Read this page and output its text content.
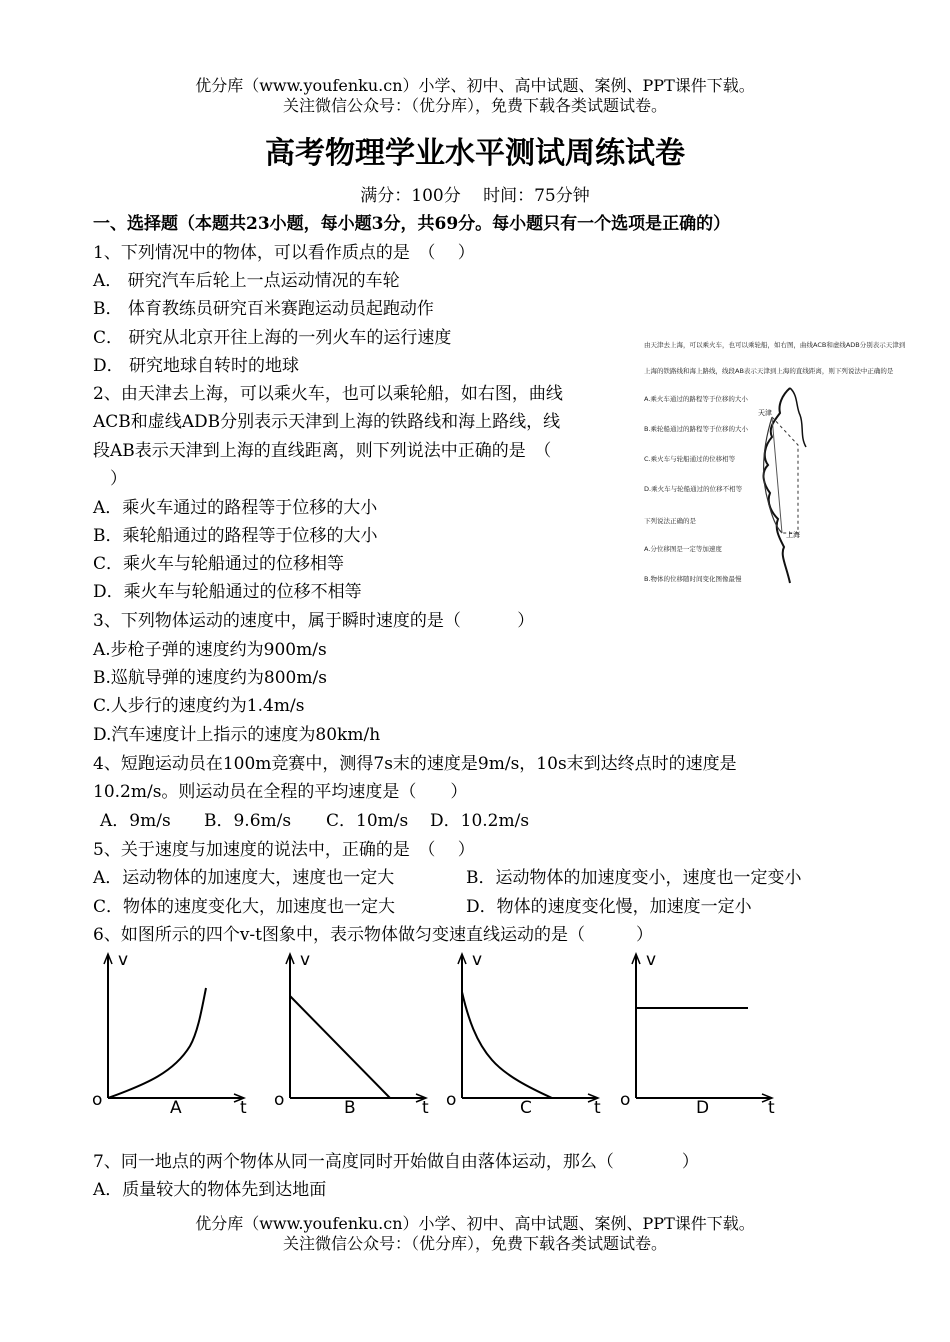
优分库（www.youfenku.cn）小学、初中、高中试题、案例、PPT课件下载。
关注微信公众号：（优分库），免费下载各类试题试卷。
高考物理学业水平测试周练试卷
满分：100分　 时间：75分钟
一、选择题（本题共23小题，每小题3分，共69分。每小题只有一个选项是正确的）
1、下列情况中的物体，可以看作质点的是　（　 ）
A． 研究汽车后轮上一点运动情况的车轮
B． 体育教练员研究百米赛跑运动员起跑动作
C． 研究从北京开往上海的一列火车的运行速度
D． 研究地球自转时的地球
2、由天津去上海，可以乘火车，也可以乘轮船，如右图，曲线
ACB和虚线ADB分别表示天津到上海的铁路线和海上路线，线
段AB表示天津到上海的直线距离，则下列说法中正确的是　（
　）
A．乘火车通过的路程等于位移的大小
B．乘轮船通过的路程等于位移的大小
C．乘火车与轮船通过的位移相等
D．乘火车与轮船通过的位移不相等
由天津去上海，可以乘火车，也可以乘轮船，如右图，曲线ACB和虚线ADB分别表示天津到
上海的铁路线和海上路线，线段AB表示天津到上海的直线距离，则下列说法中正确的是
A.乘火车通过的路程等于位移的大小
B.乘轮船通过的路程等于位移的大小
C.乘火车与轮船通过的位移相等
D.乘火车与轮船通过的位移不相等
下列说法正确的是
A.分位移图是一定等加速度
B.物体的位移随时间变化图像最慢
天津
上海
3、下列物体运动的速度中，属于瞬时速度的是（　　　 ）
A.步枪子弹的速度约为900m/s
B.巡航导弹的速度约为800m/s
C.人步行的速度约为1.4m/s
D.汽车速度计上指示的速度为80km/h
4、短跑运动员在100m竞赛中，测得7s末的速度是9m/s，10s末到达终点时的速度是
10.2m/s。则运动员在全程的平均速度是（　　）
A．9m/s B．9.6m/s C．10m/s D．10.2m/s
5、关于速度与加速度的说法中，正确的是　（　 ）
A．运动物体的加速度大，速度也一定大	B．运动物体的加速度变小，速度也一定变小
C．物体的速度变化大，加速度也一定大	D．物体的速度变化慢，加速度一定小
6、如图所示的四个v-t图象中，表示物体做匀变速直线运动的是（　　　）
v
o	t
A
v
o	t
B
v
o	t
C
v
o	t
D
7、同一地点的两个物体从同一高度同时开始做自由落体运动，那么（　　　　）
A．质量较大的物体先到达地面
优分库（www.youfenku.cn）小学、初中、高中试题、案例、PPT课件下载。
关注微信公众号：（优分库），免费下载各类试题试卷。
